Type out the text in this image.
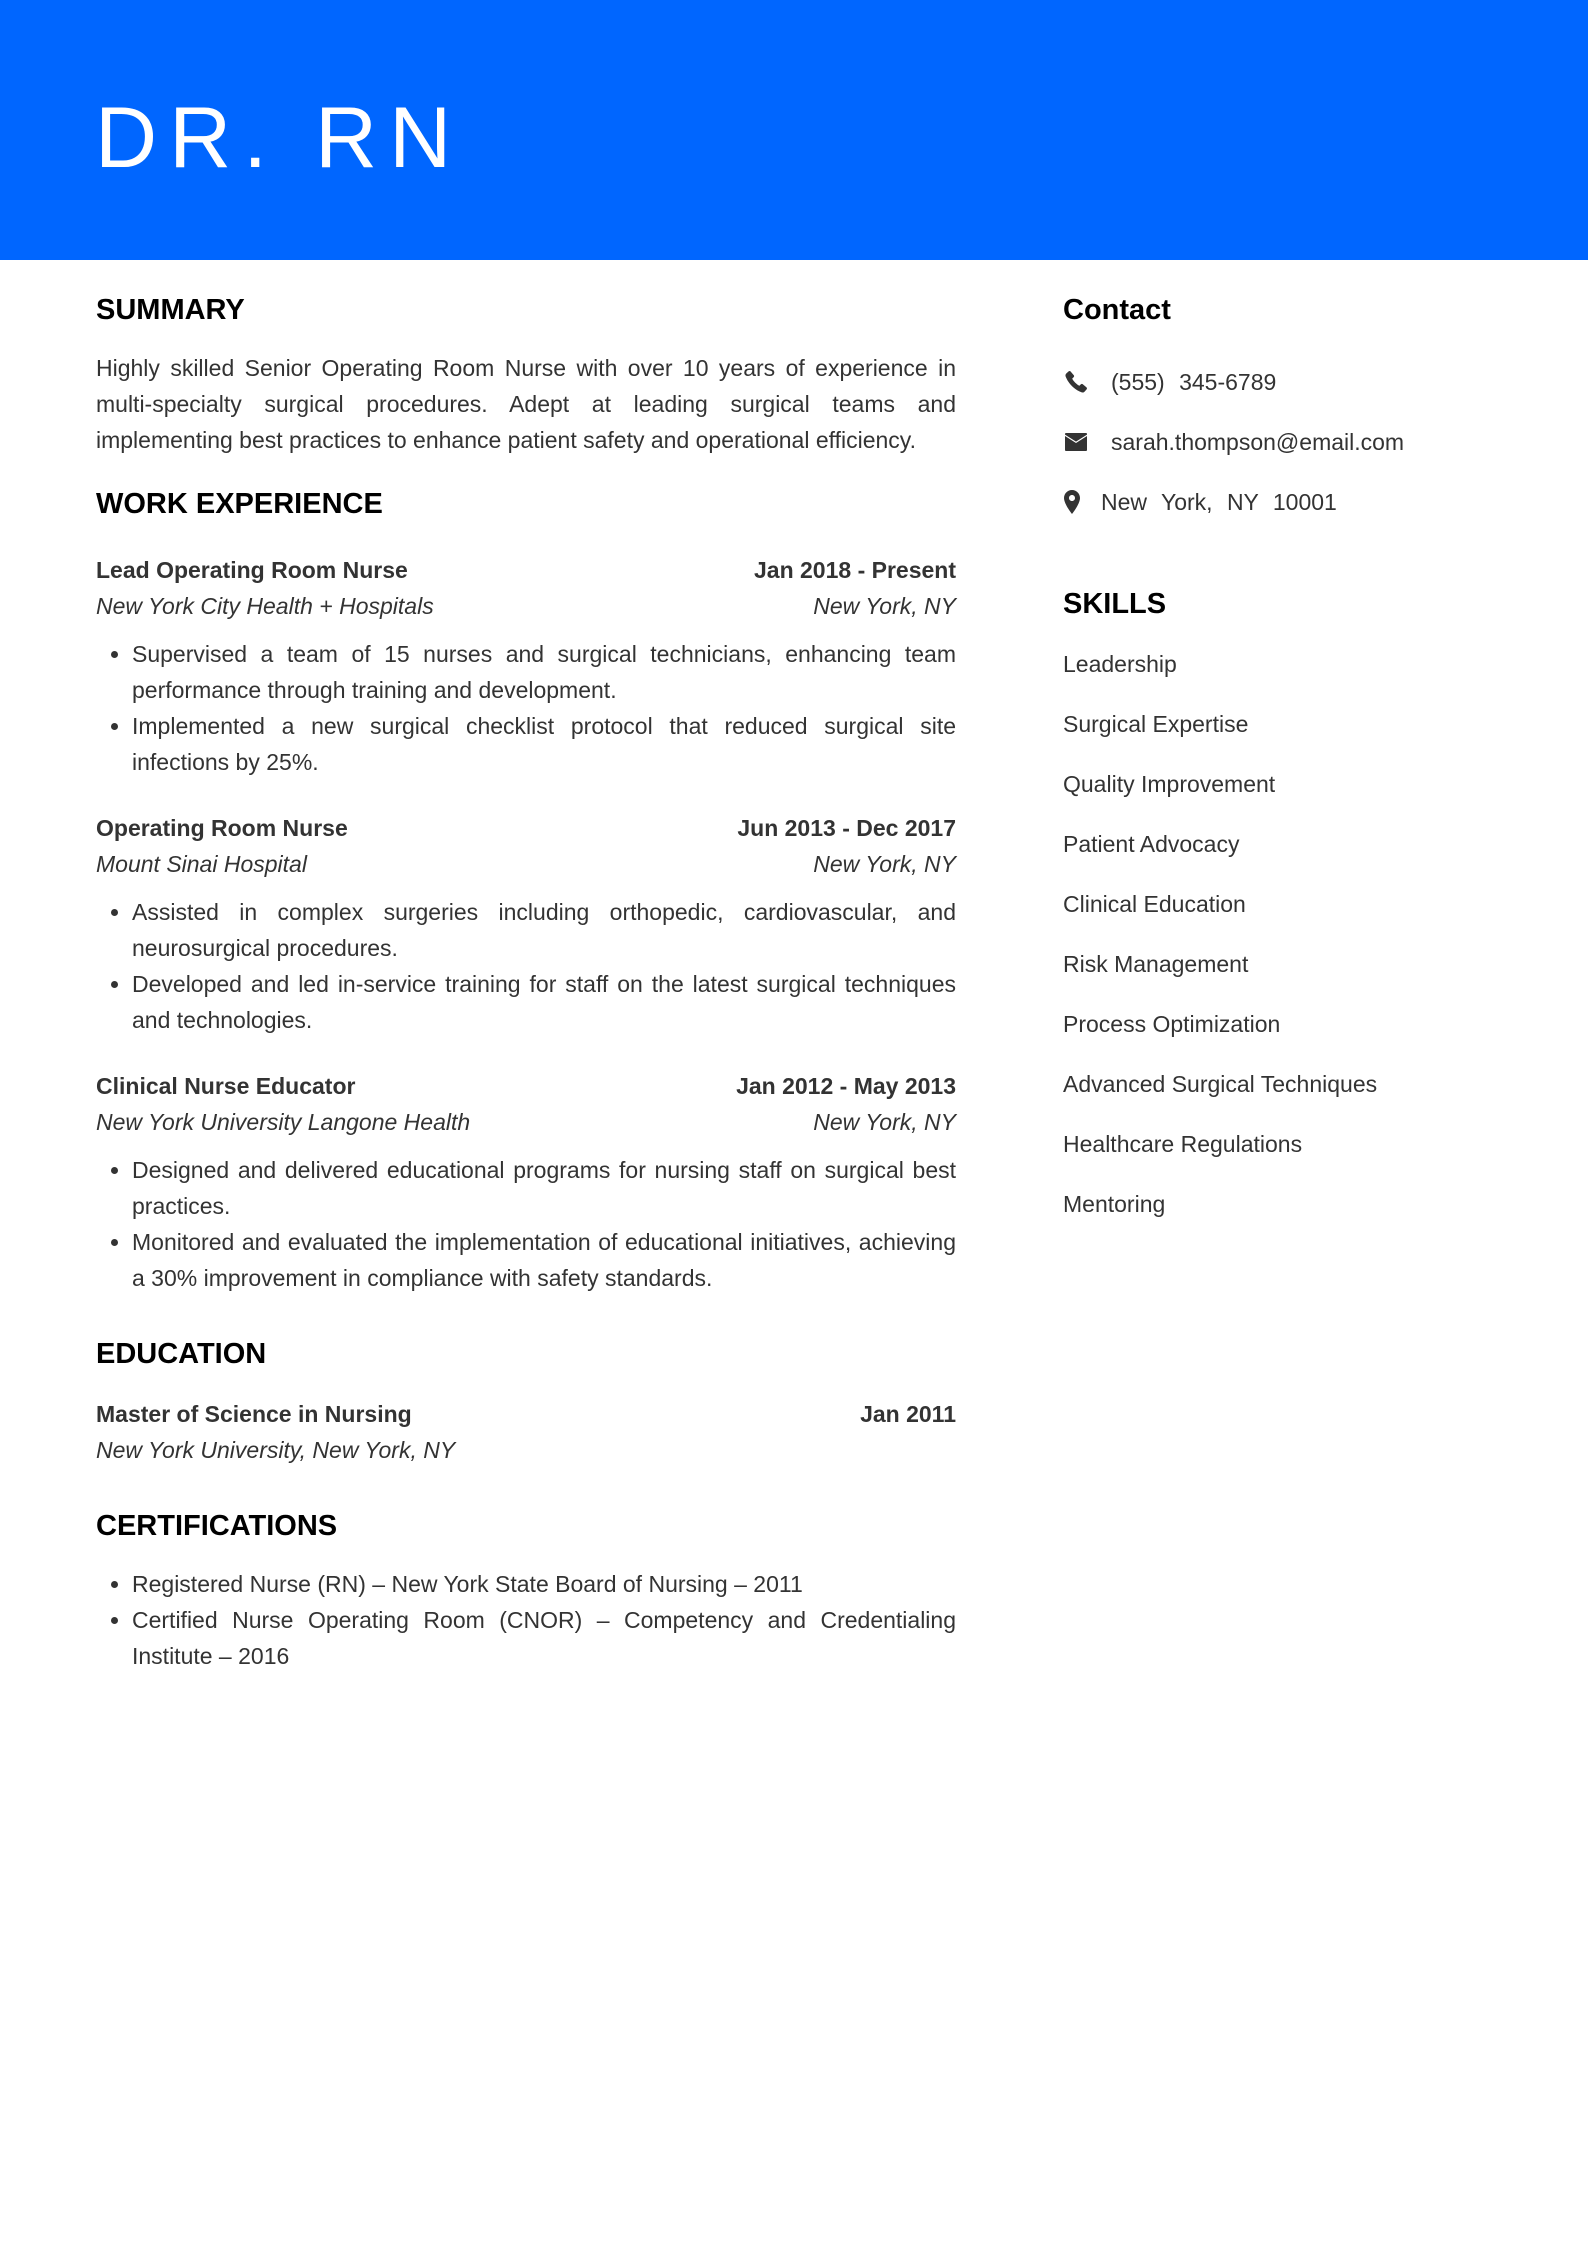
DR. RN
SUMMARY
Highly skilled Senior Operating Room Nurse with over 10 years of experience in multi-specialty surgical procedures. Adept at leading surgical teams and implementing best practices to enhance patient safety and operational efficiency.
WORK EXPERIENCE
Lead Operating Room Nurse	Jan 2018 - Present
New York City Health + Hospitals	New York, NY
• Supervised a team of 15 nurses and surgical technicians, enhancing team performance through training and development.
• Implemented a new surgical checklist protocol that reduced surgical site infections by 25%.
Operating Room Nurse	Jun 2013 - Dec 2017
Mount Sinai Hospital	New York, NY
• Assisted in complex surgeries including orthopedic, cardiovascular, and neurosurgical procedures.
• Developed and led in-service training for staff on the latest surgical techniques and technologies.
Clinical Nurse Educator	Jan 2012 - May 2013
New York University Langone Health	New York, NY
• Designed and delivered educational programs for nursing staff on surgical best practices.
• Monitored and evaluated the implementation of educational initiatives, achieving a 30% improvement in compliance with safety standards.
EDUCATION
Master of Science in Nursing	Jan 2011
New York University, New York, NY
CERTIFICATIONS
• Registered Nurse (RN) – New York State Board of Nursing – 2011
• Certified Nurse Operating Room (CNOR) – Competency and Credentialing Institute – 2016
Contact
(555) 345-6789
sarah.thompson@email.com
New York, NY 10001
SKILLS
Leadership
Surgical Expertise
Quality Improvement
Patient Advocacy
Clinical Education
Risk Management
Process Optimization
Advanced Surgical Techniques
Healthcare Regulations
Mentoring
